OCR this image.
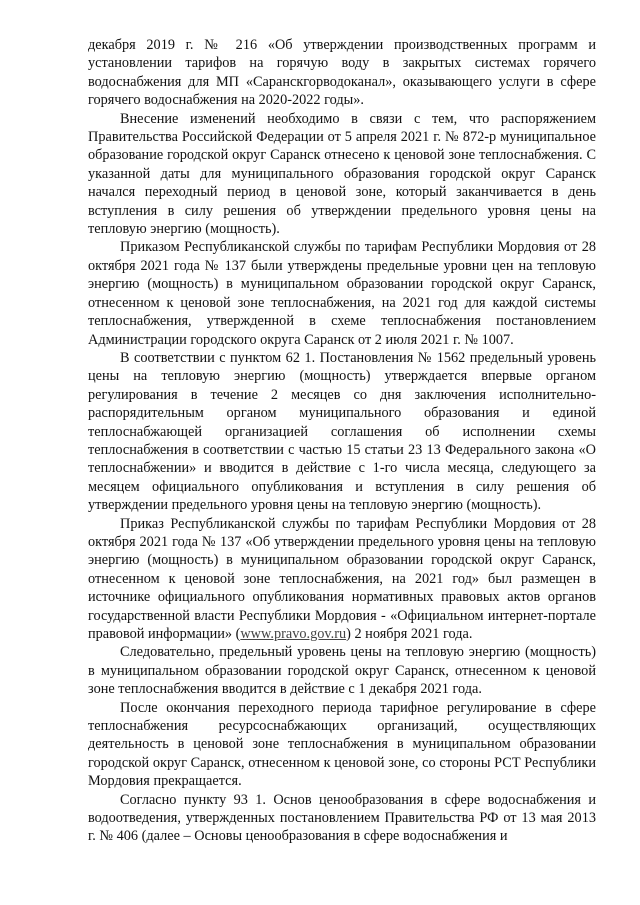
декабря 2019 г. № 216 «Об утверждении производственных программ и установлении тарифов на горячую воду в закрытых системах горячего водоснабжения для МП «Саранскгорводоканал», оказывающего услуги в сфере горячего водоснабжения на 2020-2022 годы».

Внесение изменений необходимо в связи с тем, что распоряжением Правительства Российской Федерации от 5 апреля 2021 г. № 872-р муниципальное образование городской округ Саранск отнесено к ценовой зоне теплоснабжения. С указанной даты для муниципального образования городской округ Саранск начался переходный период в ценовой зоне, который заканчивается в день вступления в силу решения об утверждении предельного уровня цены на тепловую энергию (мощность).

Приказом Республиканской службы по тарифам Республики Мордовия от 28 октября 2021 года № 137 были утверждены предельные уровни цен на тепловую энергию (мощность) в муниципальном образовании городской округ Саранск, отнесенном к ценовой зоне теплоснабжения, на 2021 год для каждой системы теплоснабжения, утвержденной в схеме теплоснабжения постановлением Администрации городского округа Саранск от 2 июля 2021 г. № 1007.

В соответствии с пунктом 62 1. Постановления № 1562 предельный уровень цены на тепловую энергию (мощность) утверждается впервые органом регулирования в течение 2 месяцев со дня заключения исполнительно-распорядительным органом муниципального образования и единой теплоснабжающей организацией соглашения об исполнении схемы теплоснабжения в соответствии с частью 15 статьи 23 13 Федерального закона «О теплоснабжении» и вводится в действие с 1-го числа месяца, следующего за месяцем официального опубликования и вступления в силу решения об утверждении предельного уровня цены на тепловую энергию (мощность).

Приказ Республиканской службы по тарифам Республики Мордовия от 28 октября 2021 года № 137 «Об утверждении предельного уровня цены на тепловую энергию (мощность) в муниципальном образовании городской округ Саранск, отнесенном к ценовой зоне теплоснабжения, на 2021 год» был размещен в источнике официального опубликования нормативных правовых актов органов государственной власти Республики Мордовия - «Официальном интернет-портале правовой информации» (www.pravo.gov.ru) 2 ноября 2021 года.

Следовательно, предельный уровень цены на тепловую энергию (мощность) в муниципальном образовании городской округ Саранск, отнесенном к ценовой зоне теплоснабжения вводится в действие с 1 декабря 2021 года.

После окончания переходного периода тарифное регулирование в сфере теплоснабжения ресурсоснабжающих организаций, осуществляющих деятельность в ценовой зоне теплоснабжения в муниципальном образовании городской округ Саранск, отнесенном к ценовой зоне, со стороны РСТ Республики Мордовия прекращается.

Согласно пункту 93 1. Основ ценообразования в сфере водоснабжения и водоотведения, утвержденных постановлением Правительства РФ от 13 мая 2013 г. № 406 (далее – Основы ценообразования в сфере водоснабжения и
